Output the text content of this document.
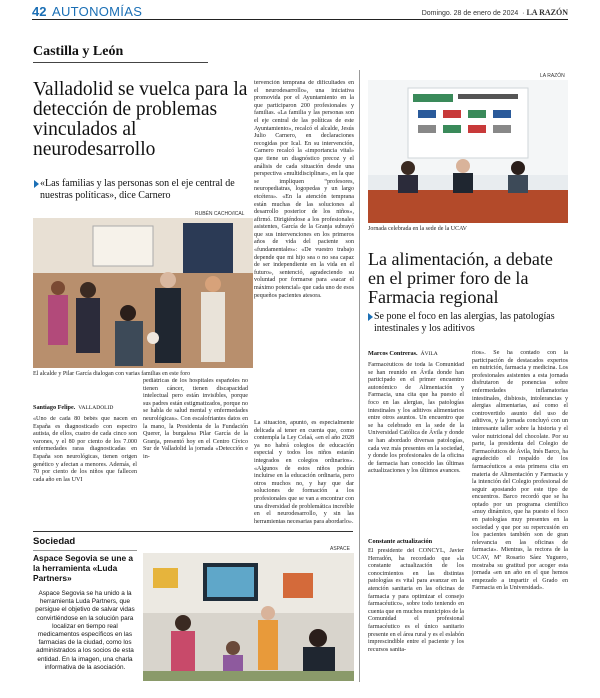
42 AUTONOMÍAS	Domingo. 28 de enero de 2024  · LA RAZÓN
Castilla y León
Valladolid se vuelca para la detección de problemas vinculados al neurodesarrollo
«Las familias y las personas son el eje central de nuestras políticas», dice Carnero
RUBÉN CACHO/ICAL
El alcalde y Pilar García dialogan con varias familias en este foro
Santiago Felipe. VALLADOLID
«Uno de cada 80 bebés que nacen en España es diagnosticado con espectro autista, de ellos, cuatro de cada cinco son varones, y el 80 por ciento de los 7.000 enfermedades raras diagnosticadas en España son neurológicas, tienen origen genético y afectan a menores. Además, el 70 por ciento de los niños que fallecen cada año en las UVI
pediátricas de los hospitales españoles no tienen cáncer, tienen discapacidad intelectual pero están invisibles, porque sus padres están estigmatizados, porque no se habla de salud mental y enfermedades neurológicas». Con escalofriantes datos en la mano, la Presidenta de la Fundación Querer, la burgalesa Pilar García de la Granja, presentó hoy en el Centro Cívico Sur de Valladolid la jornada «Detección e in-
tervención temprana de dificultades en el neurodesarrollo», una iniciativa promovida por el Ayuntamiento en la que participaron 200 profesionales y familias. «La familia y las personas son el eje central de las políticas de este Ayuntamiento», recalcó el alcalde, Jesús Julio Carnero, en declaraciones recogidas por Ical. En su intervención, Carnero recalcó la «importancia vital» que tiene un diagnóstico precoz y el análisis de cada situación desde una perspectiva «multidisciplinar», en la que se impliquen “profesores, neuropediatras, logopedas y un largo etcétera». «En la atención temprana están muchas de las soluciones al desarrollo posterior de los niños», afirmó. Dirigiéndose a los profesionales asistentes, García de la Granja subrayó que sus intervenciones en los primeros años de vida del paciente son «fundamentales»: «De vuestro trabajo depende que mi hijo sea o no sea capaz de ser independiente en la vida en el futuro», sentenció, agradeciendo su voluntad por formarse para «sacar el máximo potencial» que cada uno de esos pequeños pacientes atesora.
La situación, apuntó, es especialmente delicada al tener en cuenta que, como contempla la Ley Celaá, «en el año 2028 ya no habrá colegios de educación especial y todos los niños estarán integrados en colegios ordinarios». «Algunos de estos niños podrán incluirse en la educación ordinaria, pero otros muchos no, y hay que dar soluciones de formación a los profesionales que se van a encontrar con una diversidad de problemática increíble en el neurodesarrollo, y sin las herramientas necesarias para abordarlo».
Sociedad
Aspace Segovia se une a la herramienta «Luda Partners»
Aspace Segovia se ha unido a la herramienta Luda Partners, que persigue el objetivo de salvar vidas convirtiéndose en la solución para localizar en tiempo real medicamentos específicos en las farmacias de la ciudad, como los administrados a los socios de esta entidad. En la imagen, una charla informativa de la asociación.
ASPACE
LA RAZÓN
Jornada celebrada en la sede de la UCAV
La alimentación, a debate en el primer foro de la Farmacia regional
Se pone el foco en las alergias, las patologías intestinales y los aditivos
Marcos Contreras. ÁVILA
Farmacéuticos de toda la Comunidad se han reunido en Ávila donde han participado en el primer encuentro autonómico de Alimentación y Farmacia, una cita que ha puesto el foco en las alergias, las patologías intestinales y los aditivos alimentarios entre otros asuntos. Un encuentro que se ha celebrado en la sede de la Universidad Católica de Ávila y donde se han abordado diversas patologías, cada vez más presentes en la sociedad, y donde los profesionales de la oficina de farmacia han conocido las últimas actualizaciones y los últimos avances.
Constante actualización
El presidente del CONCYL, Javier Herradón, ha recordado que «la constante actualización de los conocimientos en las distintas patologías es vital para avanzar en la atención sanitaria en las oficinas de farmacia y para optimizar el consejo farmacéutico», sobre todo teniendo en cuenta que en muchos municipios de la Comunidad el profesional farmacéutico es el único sanitario presente en el área rural y es el eslabón imprescindible entre el paciente y los recursos sanita-
rios». Se ha contado con la participación de destacados expertos en nutrición, farmacia y medicina. Los profesionales asistentes a esta jornada disfrutaron de ponencias sobre enfermedades inflamatorias intestinales, disbiosis, intolerancias y alergias alimentarias, así como el controvertido asunto del uso de aditivos, y la jornada concluyó con un interesante taller sobre la historia y el valor nutricional del chocolate. Por su parte, la presidenta del Colegio de Farmacéuticos de Ávila, Inés Barco, ha agradecido el respaldo de los farmacéuticos a esta primera cita en materia de Alimentación y Farmacia y la intención del Colegio profesional de seguir apostando por este tipo de encuentros. Barco recordó que se ha optado por un programa científico «muy dinámico, que ha puesto el foco en patologías muy presentes en la sociedad y que por su repercusión en los pacientes también son de gran relevancia en las oficinas de farmacia». Mientras, la rectora de la UCAV, Mª Rosario Sáez Yuguero, mostraba su gratitud por acoger esta jornada «en un año en el que hemos empezado a impartir el Grado en Farmacia en la Universidad».
